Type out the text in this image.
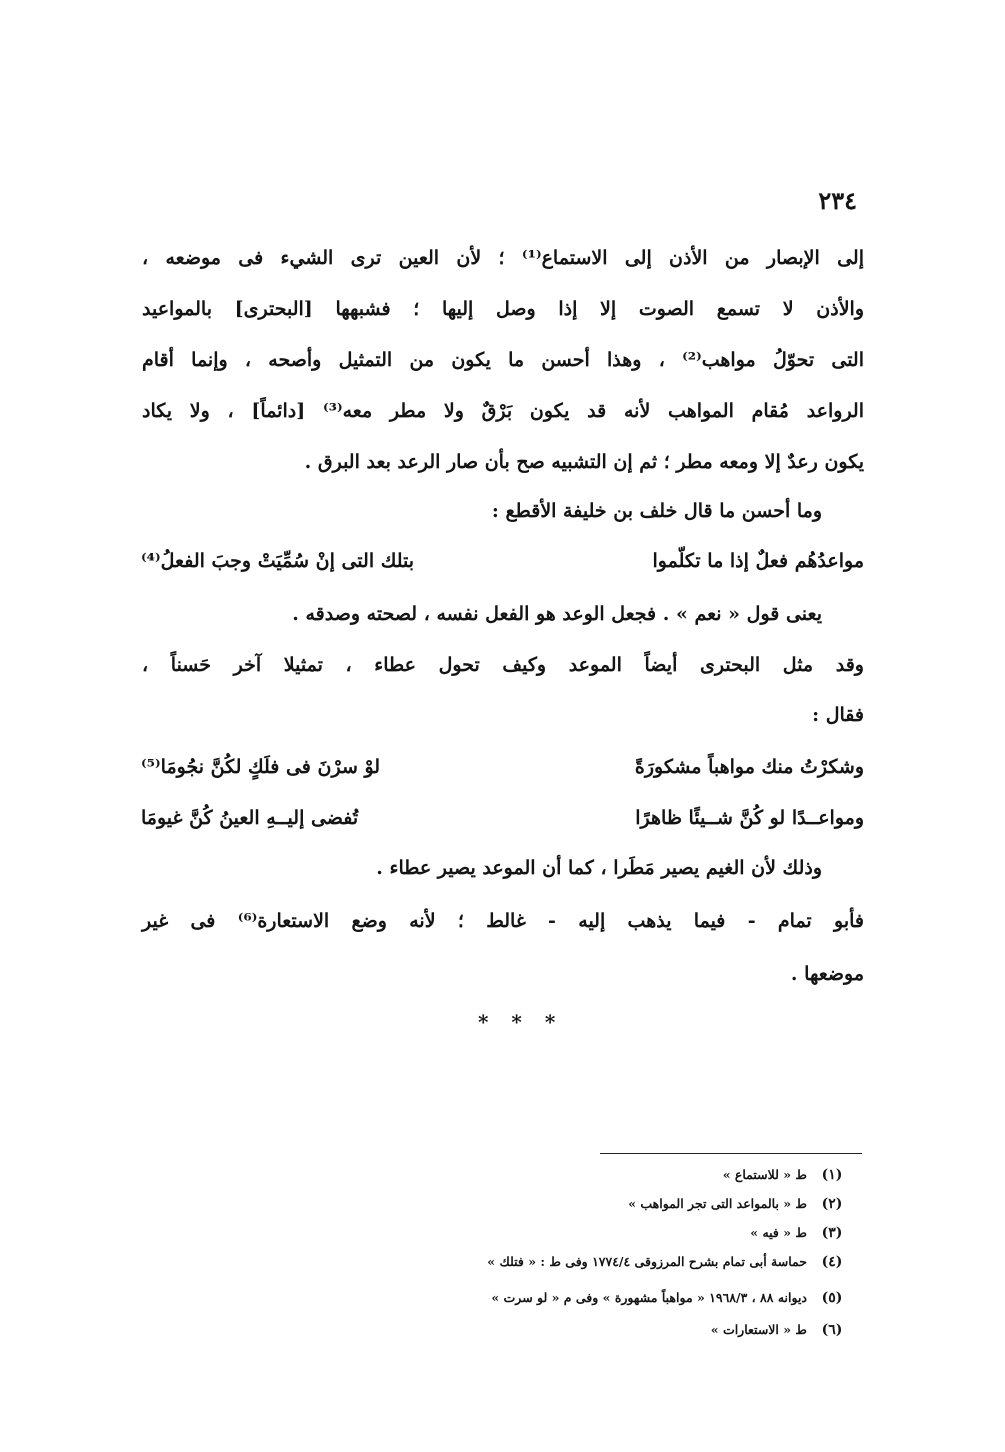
٢٣٤
إلى الإبصار من الأذن إلى الاستماع⁽¹⁾ ؛ لأن العين ترى الشيء فى موضعه ،
والأذن لا تسمع الصوت إلا إذا وصل إليها ؛ فشبهها [البحترى] بالمواعيد
التى تحوّلُ مواهب⁽²⁾ ، وهذا أحسن ما يكون من التمثيل وأصحه ، وإنما أقام
الرواعد مُقام المواهب لأنه قد يكون بَرْقٌ ولا مطر معه⁽³⁾ [دائماً] ، ولا يكاد
يكون رعدٌ إلا ومعه مطر ؛ ثم إن التشبيه صح بأن صار الرعد بعد البرق .
وما أحسن ما قال خلف بن خليفة الأقطع :
مواعدُهُم فعلٌ إذا ما تكلّموا
بتلك التى إنْ سُمِّيَتْ وجبَ الفعلُ⁽⁴⁾
يعنى قول « نعم » . فجعل الوعد هو الفعل نفسه ، لصحته وصدقه .
وقد مثل البحترى أيضاً الموعد وكيف تحول عطاء ، تمثيلا آخر حَسناً ،
فقال :
وشكرْتُ منك مواهباً مشكورَةً
لوْ سرْنَ فى فلَكٍ لكُنَّ نجُومَا⁽⁵⁾
ومواعــدًا لو كُنَّ شــيئًا ظاهرًا
تُفضى إليــهِ العينُ كُنَّ غيومَا
وذلك لأن الغيم يصير مَطَرا ، كما أن الموعد يصير عطاء .
فأبو تمام - فيما يذهب إليه - غالط ؛ لأنه وضع الاستعارة⁽⁶⁾ فى غير
موضعها .
* * *
(١)ط « للاستماع »
(٢)ط « بالمواعد التى تجر المواهب »
(٣)ط « فيه »
(٤)حماسة أبى تمام بشرح المرزوقى ١٧٧٤/٤ وفى ط : « فتلك »
(٥)ديوانه ٨٨ ، ١٩٦٨/٣ « مواهباً مشهورة » وفى م « لو سرت »
(٦)ط « الاستعارات »
